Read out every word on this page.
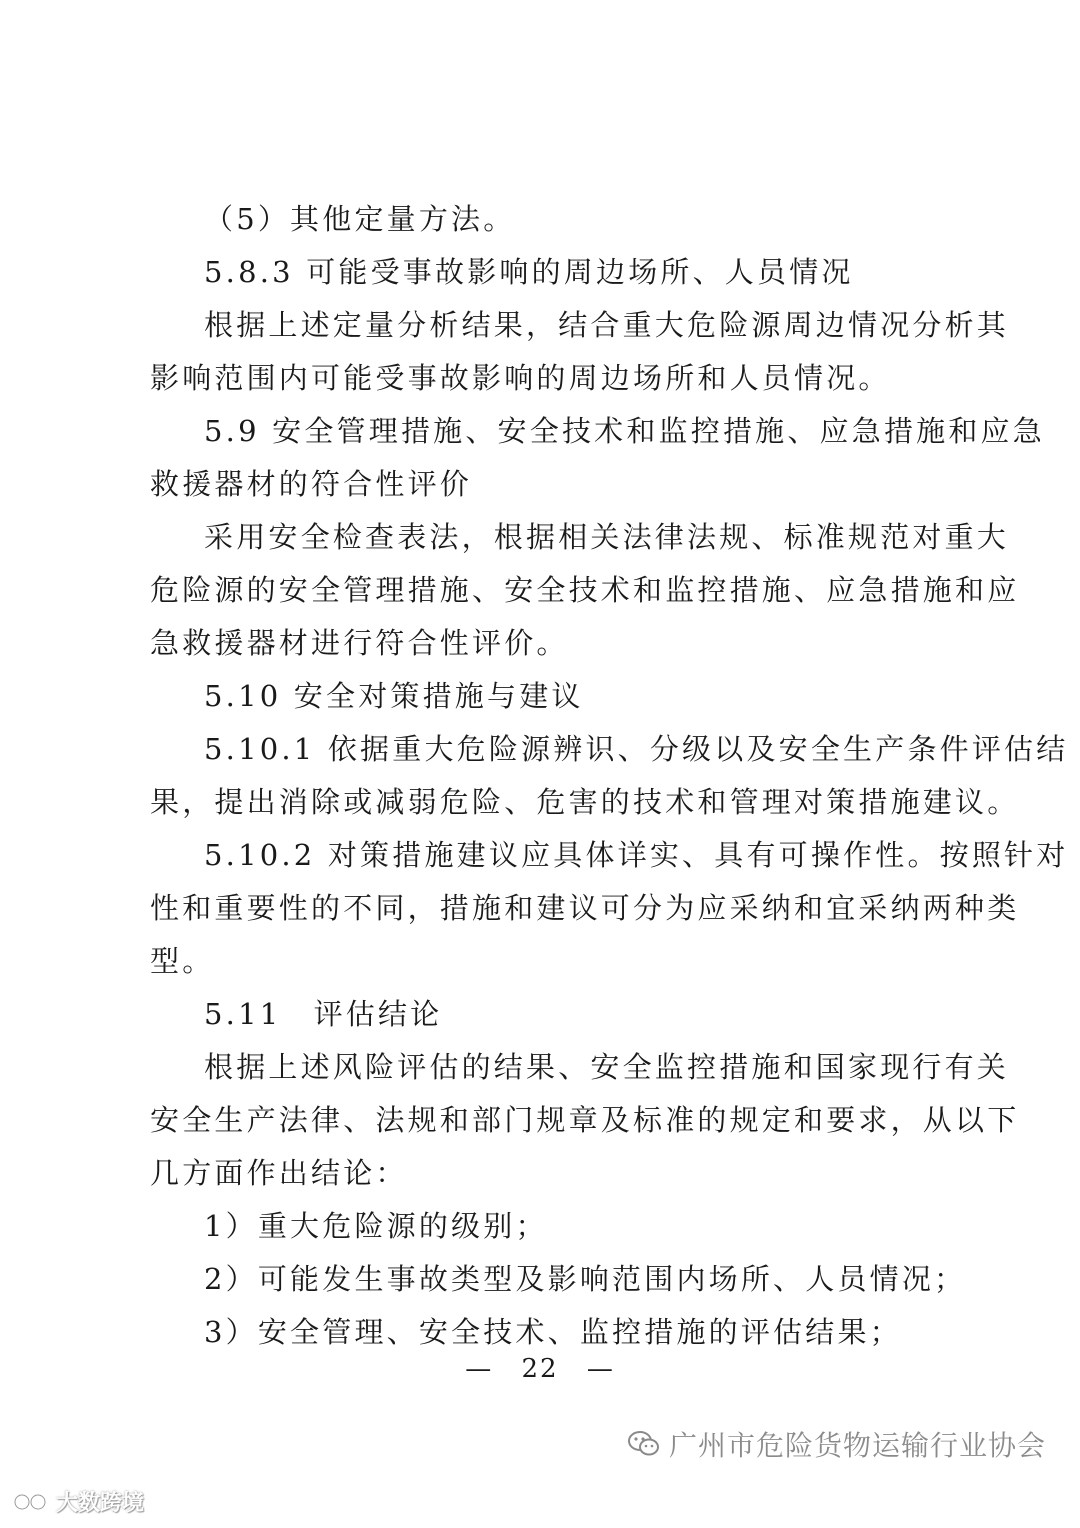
（5）其他定量方法。
5.8.3 可能受事故影响的周边场所、人员情况
根据上述定量分析结果，结合重大危险源周边情况分析其
影响范围内可能受事故影响的周边场所和人员情况。
5.9 安全管理措施、安全技术和监控措施、应急措施和应急
救援器材的符合性评价
采用安全检查表法，根据相关法律法规、标准规范对重大
危险源的安全管理措施、安全技术和监控措施、应急措施和应
急救援器材进行符合性评价。
5.10 安全对策措施与建议
5.10.1 依据重大危险源辨识、分级以及安全生产条件评估结
果，提出消除或减弱危险、危害的技术和管理对策措施建议。
5.10.2 对策措施建议应具体详实、具有可操作性。按照针对
性和重要性的不同，措施和建议可分为应采纳和宜采纳两种类
型。
5.11　评估结论
根据上述风险评估的结果、安全监控措施和国家现行有关
安全生产法律、法规和部门规章及标准的规定和要求，从以下
几方面作出结论：
1）重大危险源的级别；
2）可能发生事故类型及影响范围内场所、人员情况；
3）安全管理、安全技术、监控措施的评估结果；
— 22 —
广州市危险货物运输行业协会
大数跨境
